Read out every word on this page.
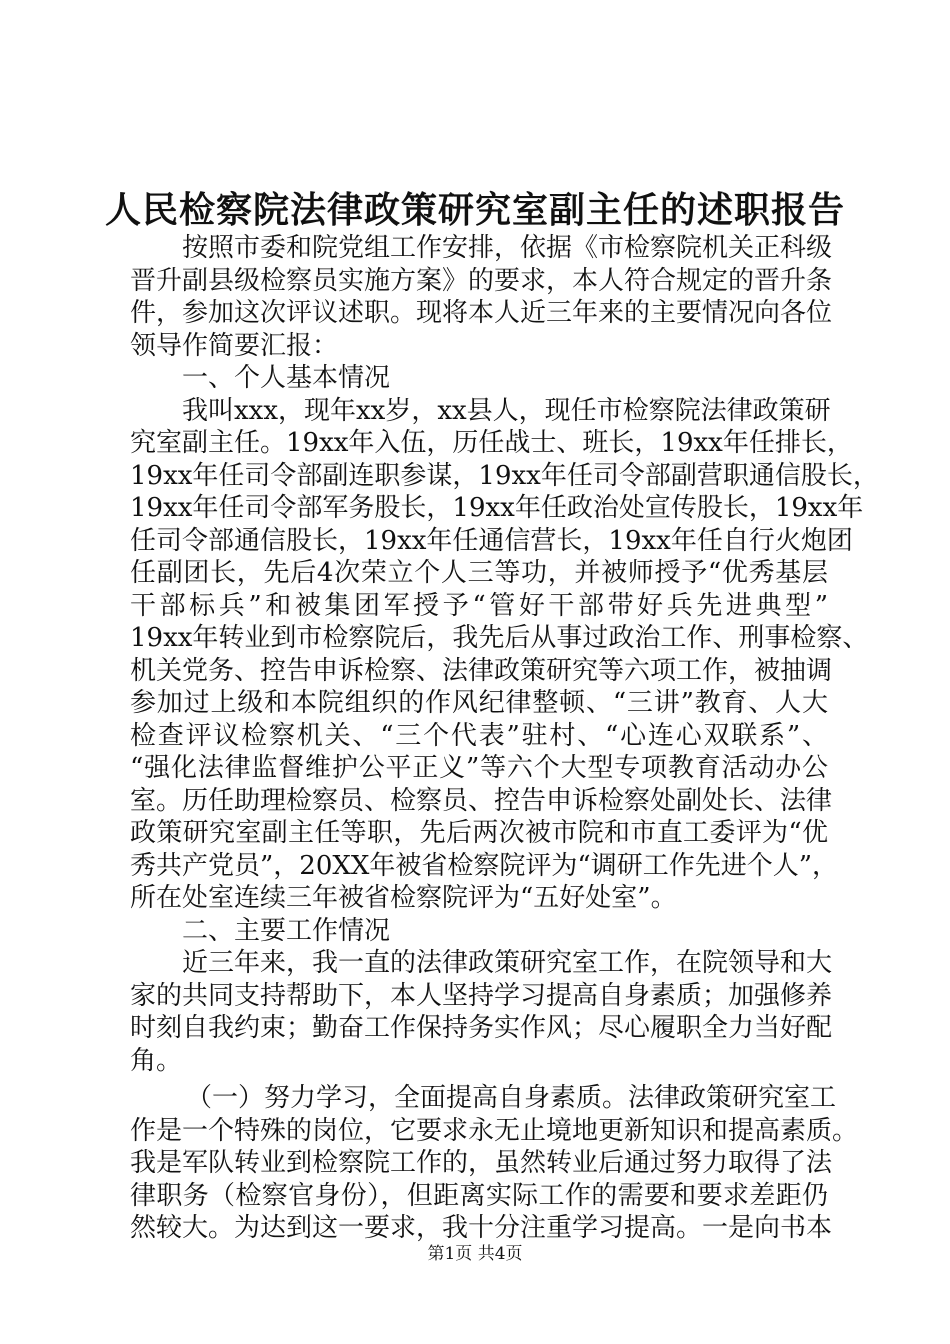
人民检察院法律政策研究室副主任的述职报告
按照市委和院党组工作安排，依据《市检察院机关正科级
晋升副县级检察员实施方案》的要求，本人符合规定的晋升条
件，参加这次评议述职。现将本人近三年来的主要情况向各位
领导作简要汇报：
一、个人基本情况
我叫xxx，现年xx岁，xx县人，现任市检察院法律政策研
究室副主任。19xx年入伍，历任战士、班长，19xx年任排长，
19xx年任司令部副连职参谋，19xx年任司令部副营职通信股长，
19xx年任司令部军务股长，19xx年任政治处宣传股长，19xx年
任司令部通信股长，19xx年任通信营长，19xx年任自行火炮团
任副团长，先后4次荣立个人三等功，并被师授予“优秀基层
干部标兵”和被集团军授予“管好干部带好兵先进典型”
19xx年转业到市检察院后，我先后从事过政治工作、刑事检察、
机关党务、控告申诉检察、法律政策研究等六项工作，被抽调
参加过上级和本院组织的作风纪律整顿、“三讲”教育、人大
检查评议检察机关、“三个代表”驻村、“心连心双联系”、
“强化法律监督维护公平正义”等六个大型专项教育活动办公
室。历任助理检察员、检察员、控告申诉检察处副处长、法律
政策研究室副主任等职，先后两次被市院和市直工委评为“优
秀共产党员”，20XX年被省检察院评为“调研工作先进个人”，
所在处室连续三年被省检察院评为“五好处室”。
二、主要工作情况
近三年来，我一直的法律政策研究室工作，在院领导和大
家的共同支持帮助下，本人坚持学习提高自身素质；加强修养
时刻自我约束；勤奋工作保持务实作风；尽心履职全力当好配
角。
（一）努力学习，全面提高自身素质。法律政策研究室工
作是一个特殊的岗位，它要求永无止境地更新知识和提高素质。
我是军队转业到检察院工作的，虽然转业后通过努力取得了法
律职务（检察官身份），但距离实际工作的需要和要求差距仍
然较大。为达到这一要求，我十分注重学习提高。一是向书本
第1页 共4页
